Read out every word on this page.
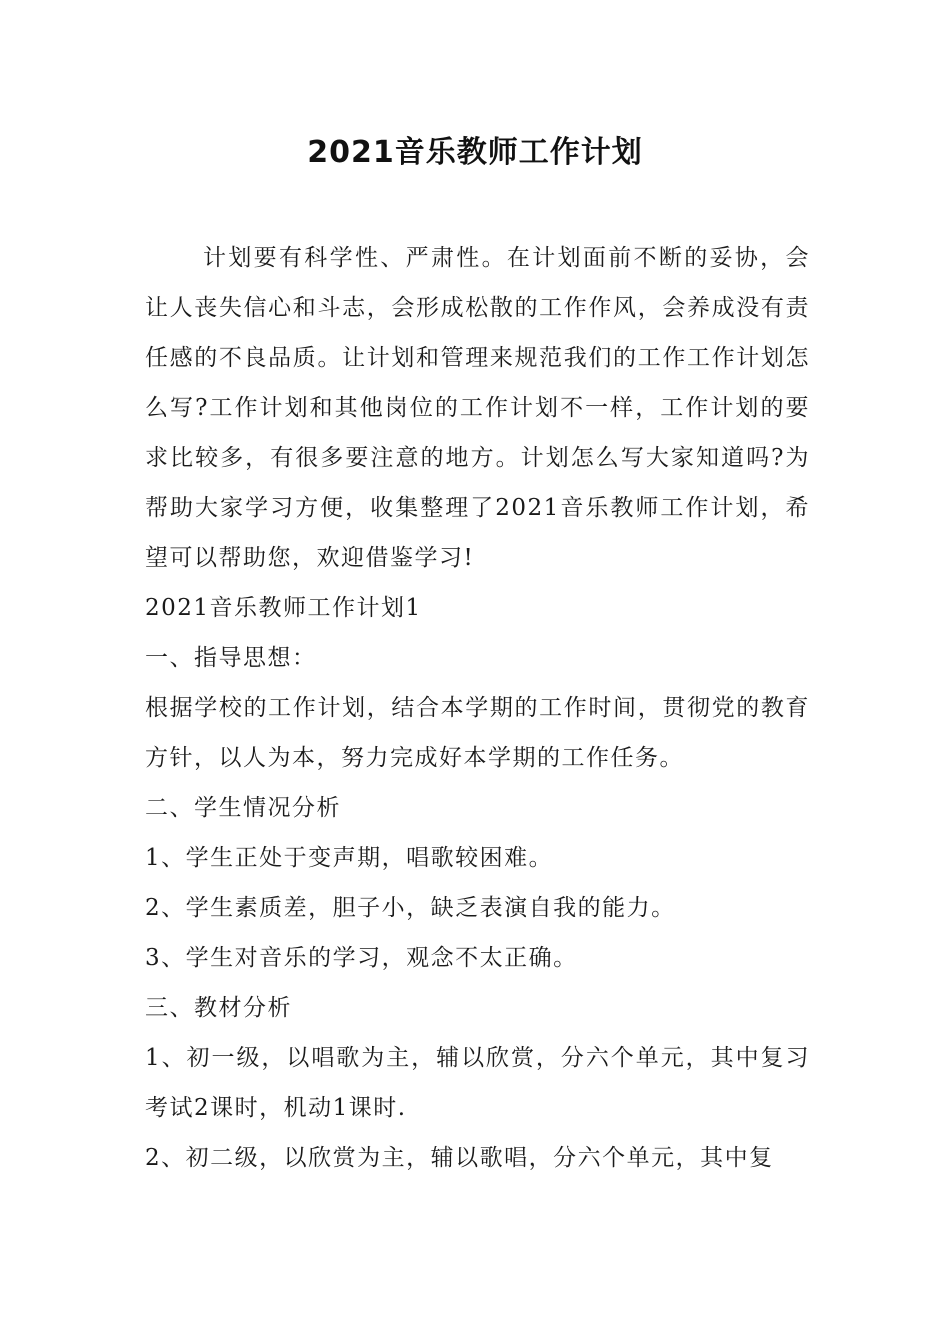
2021音乐教师工作计划
计划要有科学性、严肃性。在计划面前不断的妥协，会让人丧失信心和斗志，会形成松散的工作作风，会养成没有责任感的不良品质。让计划和管理来规范我们的工作工作计划怎么写?工作计划和其他岗位的工作计划不一样，工作计划的要求比较多，有很多要注意的地方。计划怎么写大家知道吗?为帮助大家学习方便，收集整理了2021音乐教师工作计划，希望可以帮助您，欢迎借鉴学习!
2021音乐教师工作计划1
一、指导思想：
根据学校的工作计划，结合本学期的工作时间，贯彻党的教育方针，以人为本，努力完成好本学期的工作任务。
二、学生情况分析
1、学生正处于变声期，唱歌较困难。
2、学生素质差，胆子小，缺乏表演自我的能力。
3、学生对音乐的学习，观念不太正确。
三、教材分析
1、初一级，以唱歌为主，辅以欣赏，分六个单元，其中复习考试2课时，机动1课时.
2、初二级，以欣赏为主，辅以歌唱，分六个单元，其中复
